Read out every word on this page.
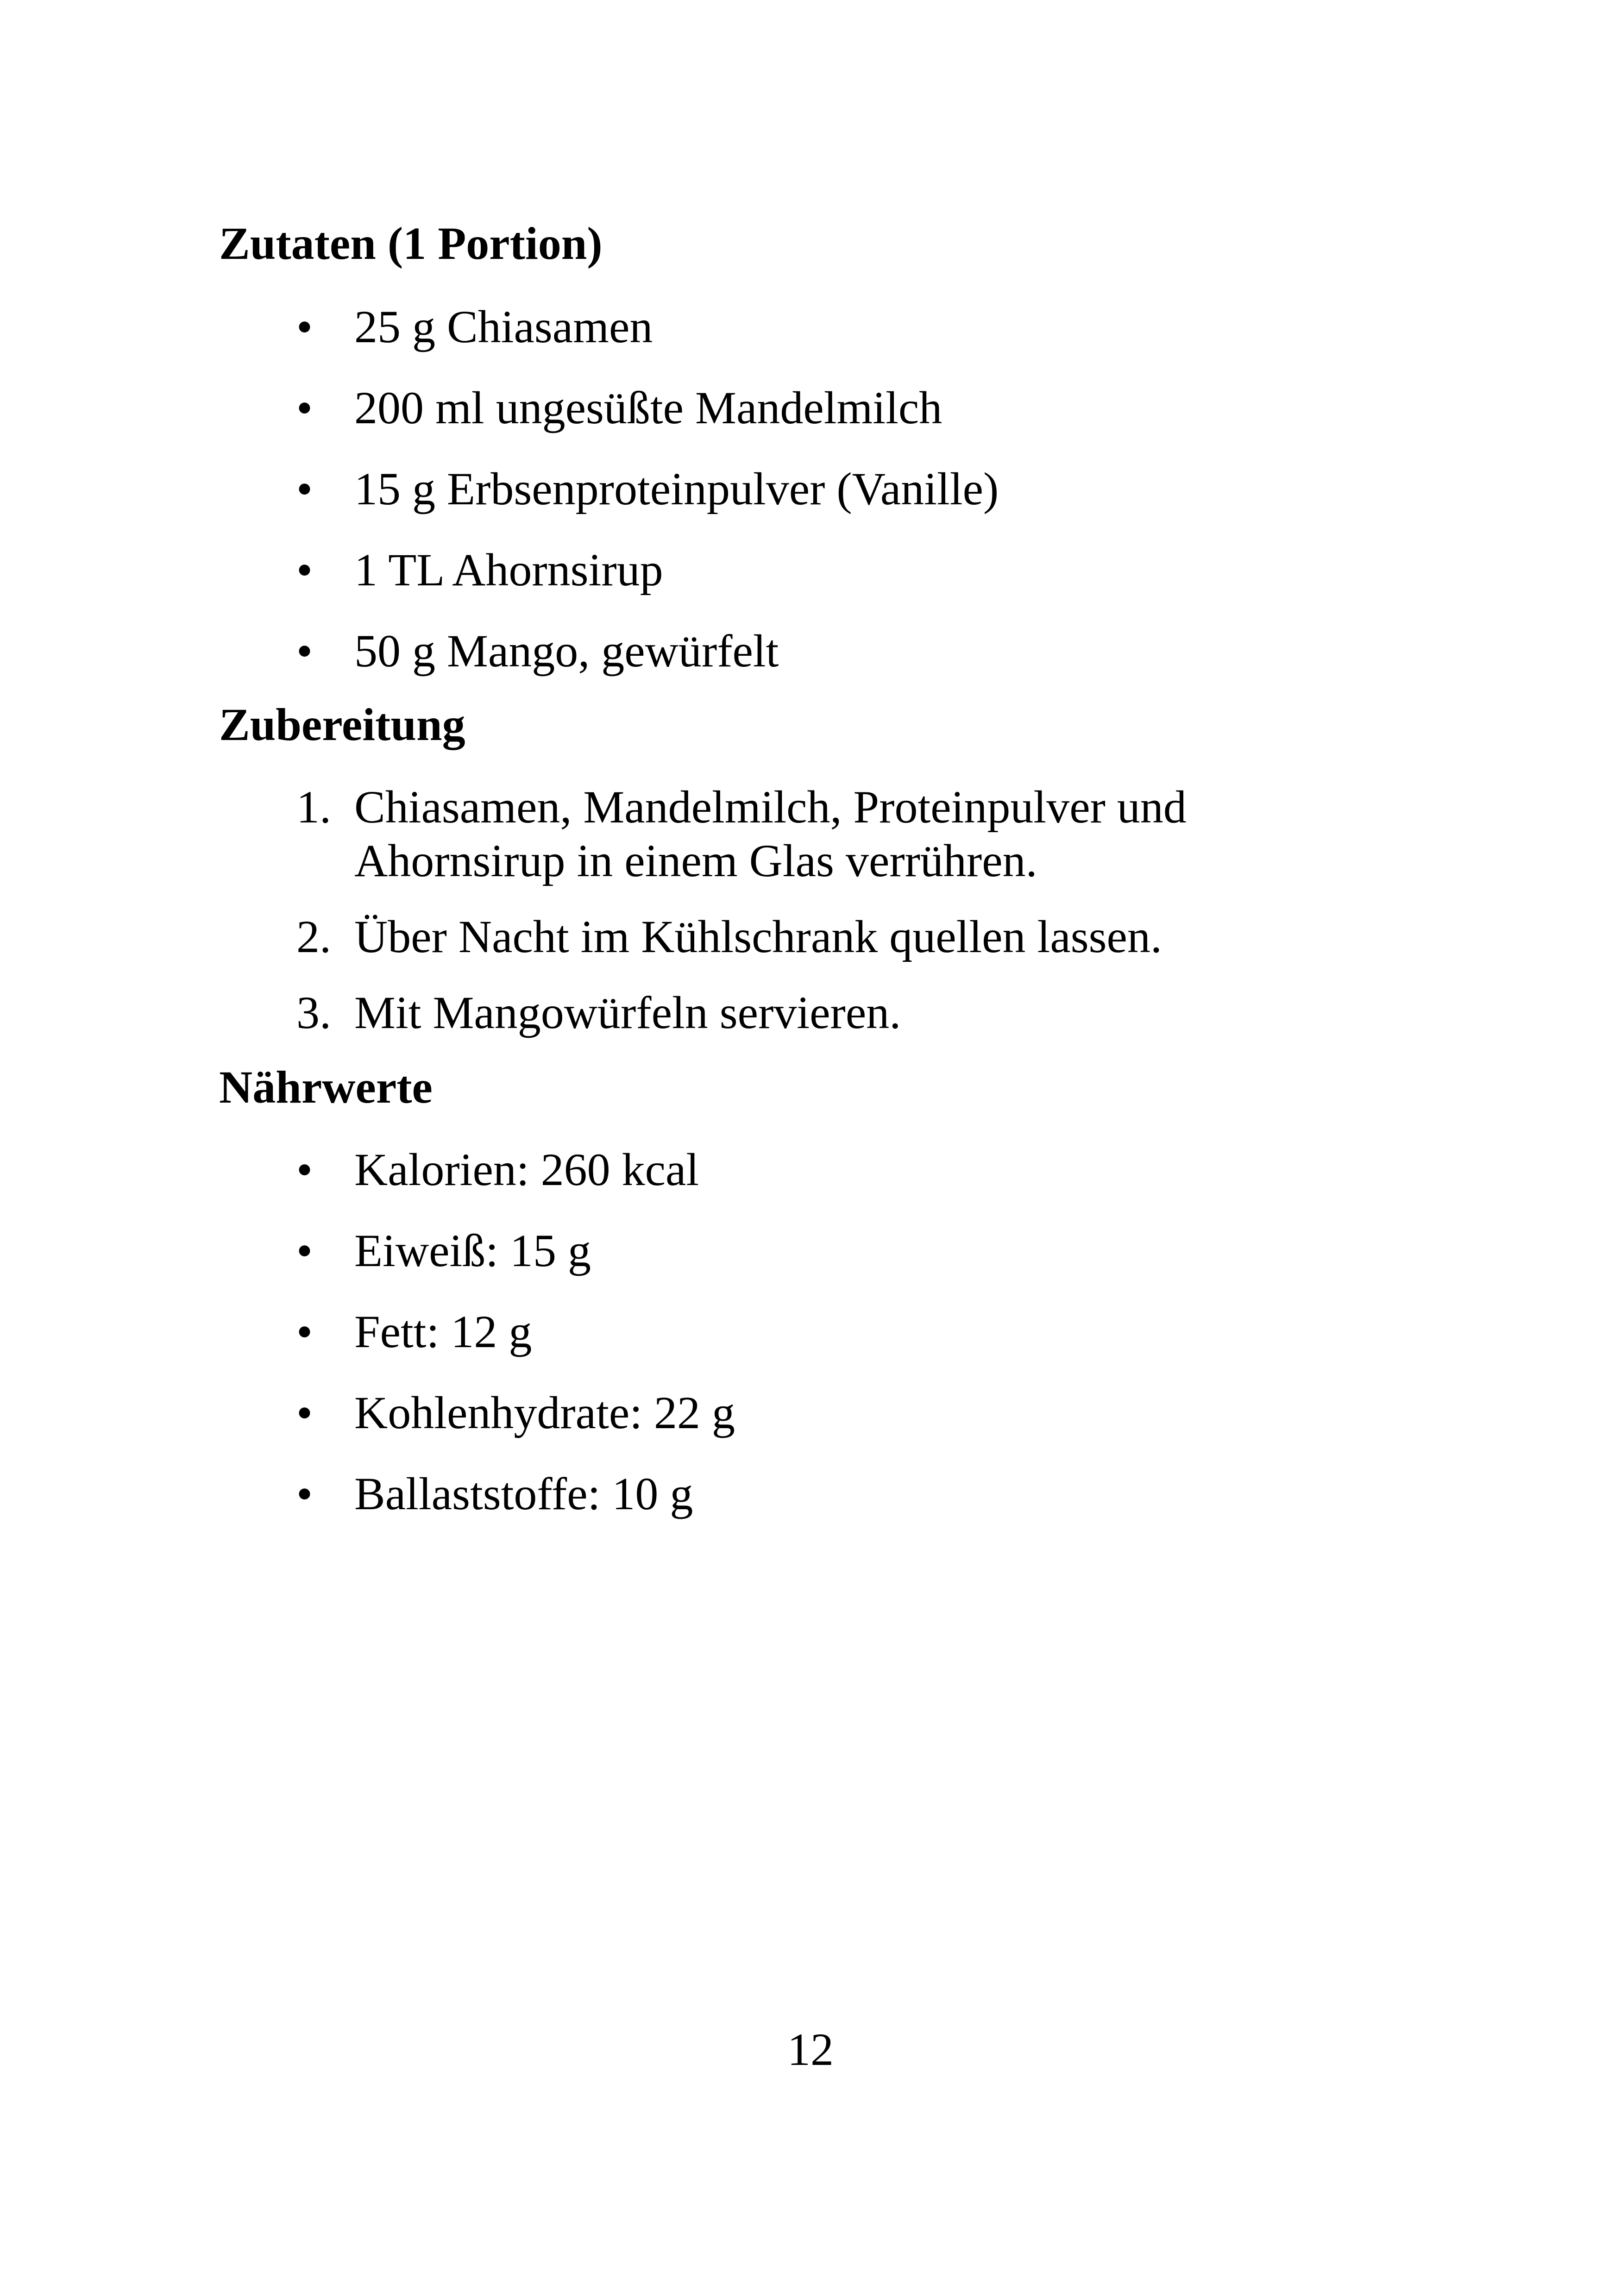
Zutaten (1 Portion)
• 25 g Chiasamen
• 200 ml ungesüßte Mandelmilch
• 15 g Erbsenproteinpulver (Vanille)
• 1 TL Ahornsirup
• 50 g Mango, gewürfelt
Zubereitung
1. Chiasamen, Mandelmilch, Proteinpulver und Ahornsirup in einem Glas verrühren.
2. Über Nacht im Kühlschrank quellen lassen.
3. Mit Mangowürfeln servieren.
Nährwerte
• Kalorien: 260 kcal
• Eiweiß: 15 g
• Fett: 12 g
• Kohlenhydrate: 22 g
• Ballaststoffe: 10 g
12
